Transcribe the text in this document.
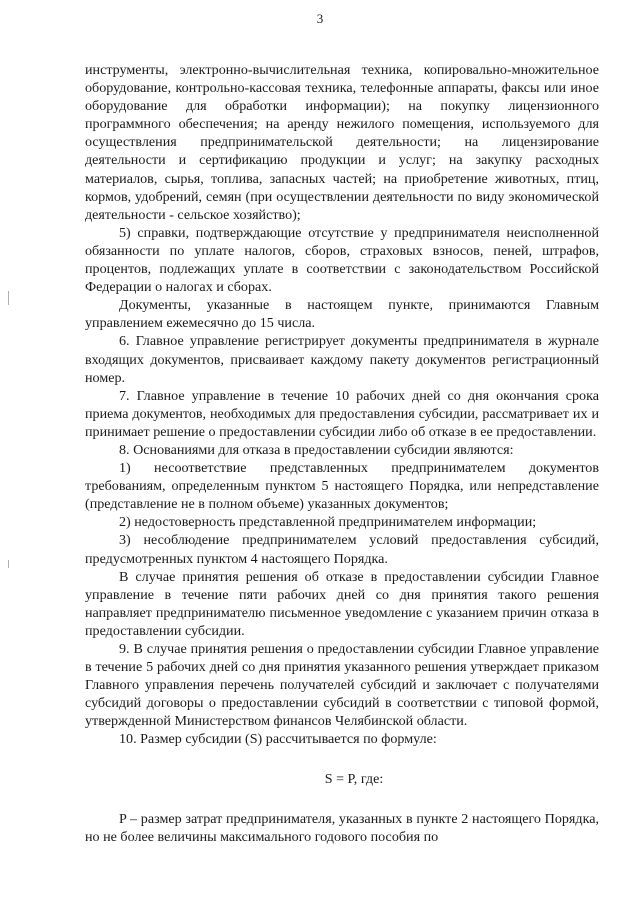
3

инструменты, электронно-вычислительная техника, копировально-множительное оборудование, контрольно-кассовая техника, телефонные аппараты, факсы или иное оборудование для обработки информации); на покупку лицензионного программного обеспечения; на аренду нежилого помещения, используемого для осуществления предпринимательской деятельности; на лицензирование деятельности и сертификацию продукции и услуг; на закупку расходных материалов, сырья, топлива, запасных частей; на приобретение животных, птиц, кормов, удобрений, семян (при осуществлении деятельности по виду экономической деятельности - сельское хозяйство);

5) справки, подтверждающие отсутствие у предпринимателя неисполненной обязанности по уплате налогов, сборов, страховых взносов, пеней, штрафов, процентов, подлежащих уплате в соответствии с законодательством Российской Федерации о налогах и сборах.

Документы, указанные в настоящем пункте, принимаются Главным управлением ежемесячно до 15 числа.

6. Главное управление регистрирует документы предпринимателя в журнале входящих документов, присваивает каждому пакету документов регистрационный номер.

7. Главное управление в течение 10 рабочих дней со дня окончания срока приема документов, необходимых для предоставления субсидии, рассматривает их и принимает решение о предоставлении субсидии либо об отказе в ее предоставлении.

8. Основаниями для отказа в предоставлении субсидии являются:

1) несоответствие представленных предпринимателем документов требованиям, определенным пунктом 5 настоящего Порядка, или непредставление (представление не в полном объеме) указанных документов;

2) недостоверность представленной предпринимателем информации;

3) несоблюдение предпринимателем условий предоставления субсидий, предусмотренных пунктом 4 настоящего Порядка.

В случае принятия решения об отказе в предоставлении субсидии Главное управление в течение пяти рабочих дней со дня принятия такого решения направляет предпринимателю письменное уведомление с указанием причин отказа в предоставлении субсидии.

9. В случае принятия решения о предоставлении субсидии Главное управление в течение 5 рабочих дней со дня принятия указанного решения утверждает приказом Главного управления перечень получателей субсидий и заключает с получателями субсидий договоры о предоставлении субсидий в соответствии с типовой формой, утвержденной Министерством финансов Челябинской области.

10. Размер субсидии (S) рассчитывается по формуле:

S = P, где:

P – размер затрат предпринимателя, указанных в пункте 2 настоящего Порядка, но не более величины максимального годового пособия по
